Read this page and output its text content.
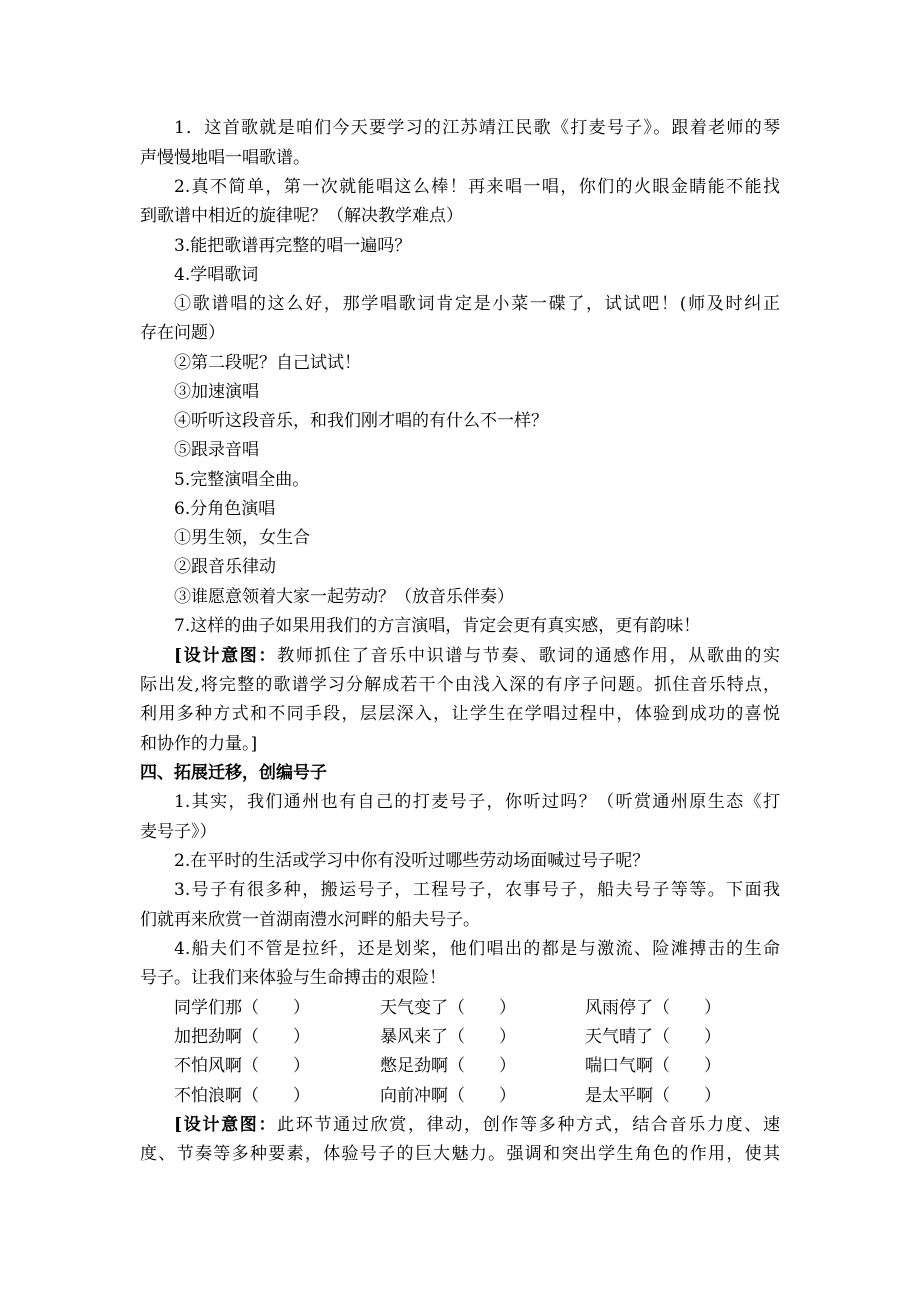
1．这首歌就是咱们今天要学习的江苏靖江民歌《打麦号子》。跟着老师的琴
声慢慢地唱一唱歌谱。
2.真不简单，第一次就能唱这么棒！再来唱一唱，你们的火眼金睛能不能找
到歌谱中相近的旋律呢？（解决教学难点）
3.能把歌谱再完整的唱一遍吗？
4.学唱歌词
①歌谱唱的这么好，那学唱歌词肯定是小菜一碟了，试试吧！(师及时纠正
存在问题）
②第二段呢？自己试试！
③加速演唱
④听听这段音乐，和我们刚才唱的有什么不一样？
⑤跟录音唱
5.完整演唱全曲。
6.分角色演唱
①男生领，女生合
②跟音乐律动
③谁愿意领着大家一起劳动？（放音乐伴奏）
7.这样的曲子如果用我们的方言演唱，肯定会更有真实感，更有韵味！
[设计意图：教师抓住了音乐中识谱与节奏、歌词的通感作用，从歌曲的实
际出发,将完整的歌谱学习分解成若干个由浅入深的有序子问题。抓住音乐特点，
利用多种方式和不同手段，层层深入，让学生在学唱过程中，体验到成功的喜悦
和协作的力量。]
四、拓展迁移，创编号子
1.其实，我们通州也有自己的打麦号子，你听过吗？（听赏通州原生态《打
麦号子》）
2.在平时的生活或学习中你有没听过哪些劳动场面喊过号子呢？
3.号子有很多种，搬运号子，工程号子，农事号子，船夫号子等等。下面我
们就再来欣赏一首湖南澧水河畔的船夫号子。
4.船夫们不管是拉纤，还是划桨，他们唱出的都是与激流、险滩搏击的生命
号子。让我们来体验与生命搏击的艰险！
同学们那（　　）	天气变了（　　）	风雨停了（　　）
加把劲啊（　　）	暴风来了（　　）	天气晴了（　　）
不怕风啊（　　）	憋足劲啊（　　）	喘口气啊（　　）
不怕浪啊（　　）	向前冲啊（　　）	是太平啊（　　）
[设计意图：此环节通过欣赏，律动，创作等多种方式，结合音乐力度、速
度、节奏等多种要素，体验号子的巨大魅力。强调和突出学生角色的作用，使其
